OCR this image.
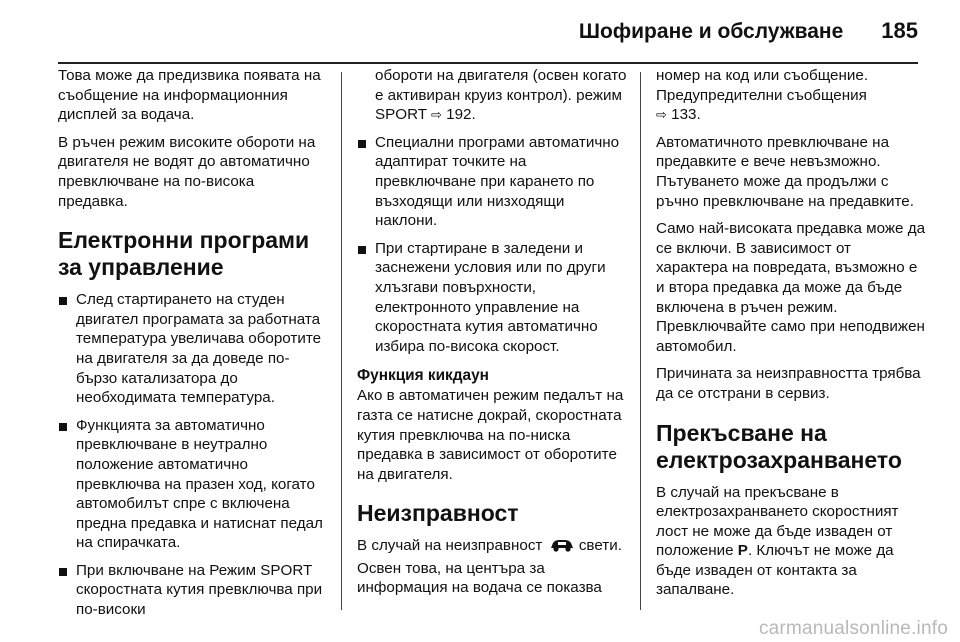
Шофиране и обслужване 185

Това може да предизвика появата на съобщение на информационния дисплей за водача.

В ръчен режим високите обороти на двигателя не водят до автоматично превключване на по-висока предавка.

Електронни програми за управление
След стартирането на студен двигател програмата за работната температура увеличава оборотите на двигателя за да доведе по-бързо катализатора до необходимата температура.
Функцията за автоматично превключване в неутрално положение автоматично превключва на празен ход, когато автомобилът спре с включена предна предавка и натиснат педал на спирачката.
При включване на Режим SPORT скоростната кутия превключва при по-високи

обороти на двигателя (освен когато е активиран круиз контрол). режим SPORT ⇨ 192.

Специални програми автоматично адаптират точките на превключване при карането по възходящи или низходящи наклони.
При стартиране в заледени и заснежени условия или по други хлъзгави повърхности, електронното управление на скоростната кутия автоматично избира по-висока скорост.
Функция кикдаун

Ако в автоматичен режим педалът на газта се натисне докрай, скоростната кутия превключва на по-ниска предавка в зависимост от оборотите на двигателя.

Неизправност

В случай на неизправност  свети. Освен това, на центъра за информация на водача се показва

номер на код или съобщение. Предупредителни съобщения
⇨ 133.

Автоматичното превключване на предавките е вече невъзможно. Пътуването може да продължи с ръчно превключване на предавките.

Само най-високата предавка може да се включи. В зависимост от характера на повредата, възможно е и втора предавка да може да бъде включена в ръчен режим. Превключвайте само при неподвижен автомобил.

Причината за неизправността трябва да се отстрани в сервиз.

Прекъсване на електрозахранването

В случай на прекъсване в електрозахранването скоростният лост не може да бъде изваден от положение P. Ключът не може да бъде изваден от контакта за запалване.

carmanualsonline.info
